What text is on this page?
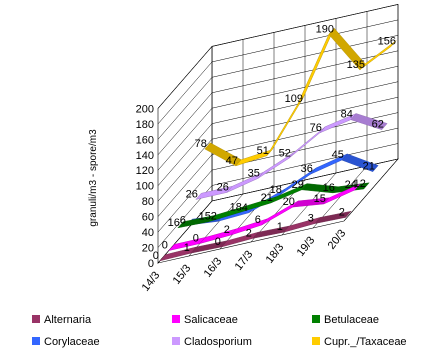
78
47
51
109
190
135
156
26
26
35
52
76
84
62
6 2
4
18
36
45
21
16
15
18
21
29 16 12
0
0
2
6
20 15
24
0
1
0
2
1
3
2
0
20
40
60
80
100
120
140
160
180
200
14/3 15/3 16/3 17/3 18/3 19/3 20/3
granuli/m3 - spore/m3
Alternaria	Salicaceae	Betulaceae
Corylaceae	Cladosporium	Cupr._/Taxaceae
